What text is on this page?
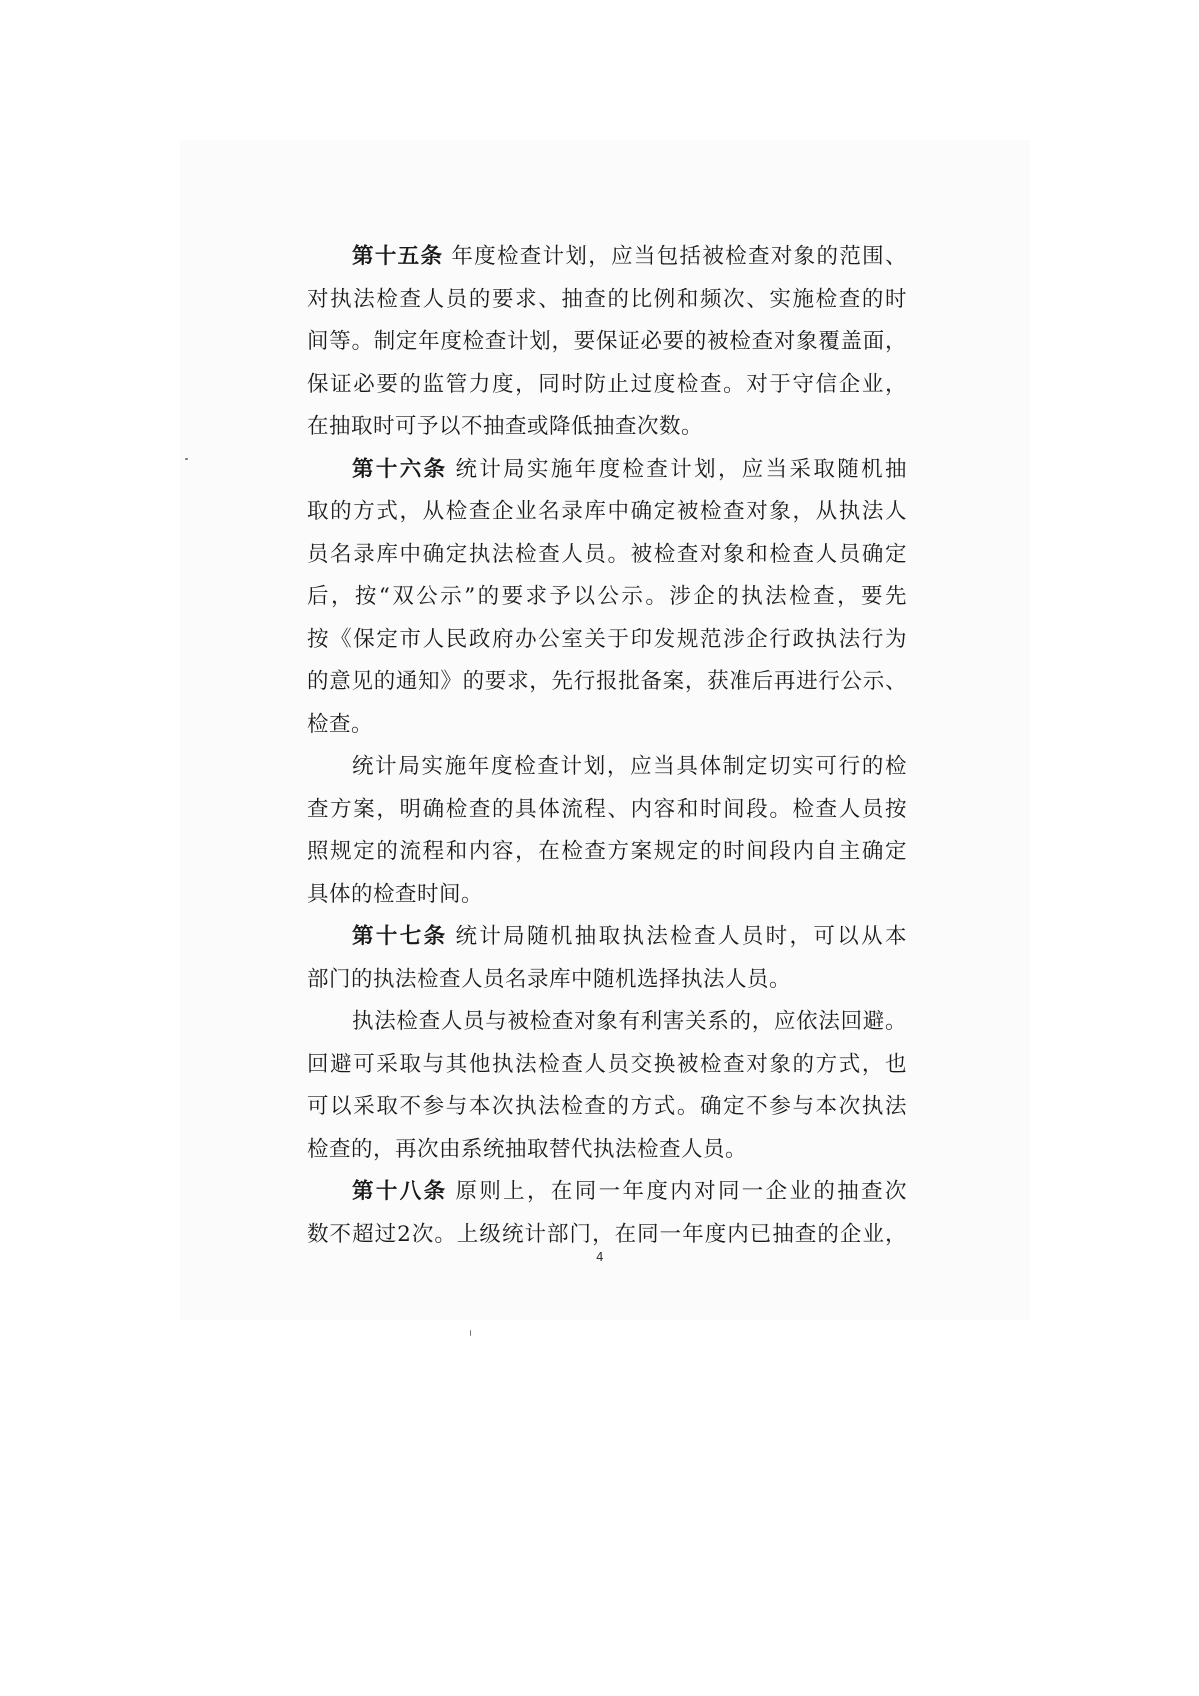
第十五条 年度检查计划，应当包括被检查对象的范围、
对执法检查人员的要求、抽查的比例和频次、实施检查的时
间等。制定年度检查计划，要保证必要的被检查对象覆盖面，
保证必要的监管力度，同时防止过度检查。对于守信企业，
在抽取时可予以不抽查或降低抽查次数。
第十六条 统计局实施年度检查计划，应当采取随机抽
取的方式，从检查企业名录库中确定被检查对象，从执法人
员名录库中确定执法检查人员。被检查对象和检查人员确定
后，按“双公示”的要求予以公示。涉企的执法检查，要先
按《保定市人民政府办公室关于印发规范涉企行政执法行为
的意见的通知》的要求，先行报批备案，获准后再进行公示、
检查。
统计局实施年度检查计划，应当具体制定切实可行的检
查方案，明确检查的具体流程、内容和时间段。检查人员按
照规定的流程和内容，在检查方案规定的时间段内自主确定
具体的检查时间。
第十七条 统计局随机抽取执法检查人员时，可以从本
部门的执法检查人员名录库中随机选择执法人员。
执法检查人员与被检查对象有利害关系的，应依法回避。
回避可采取与其他执法检查人员交换被检查对象的方式，也
可以采取不参与本次执法检查的方式。确定不参与本次执法
检查的，再次由系统抽取替代执法检查人员。
第十八条 原则上，在同一年度内对同一企业的抽查次
数不超过2次。上级统计部门，在同一年度内已抽查的企业，
4
